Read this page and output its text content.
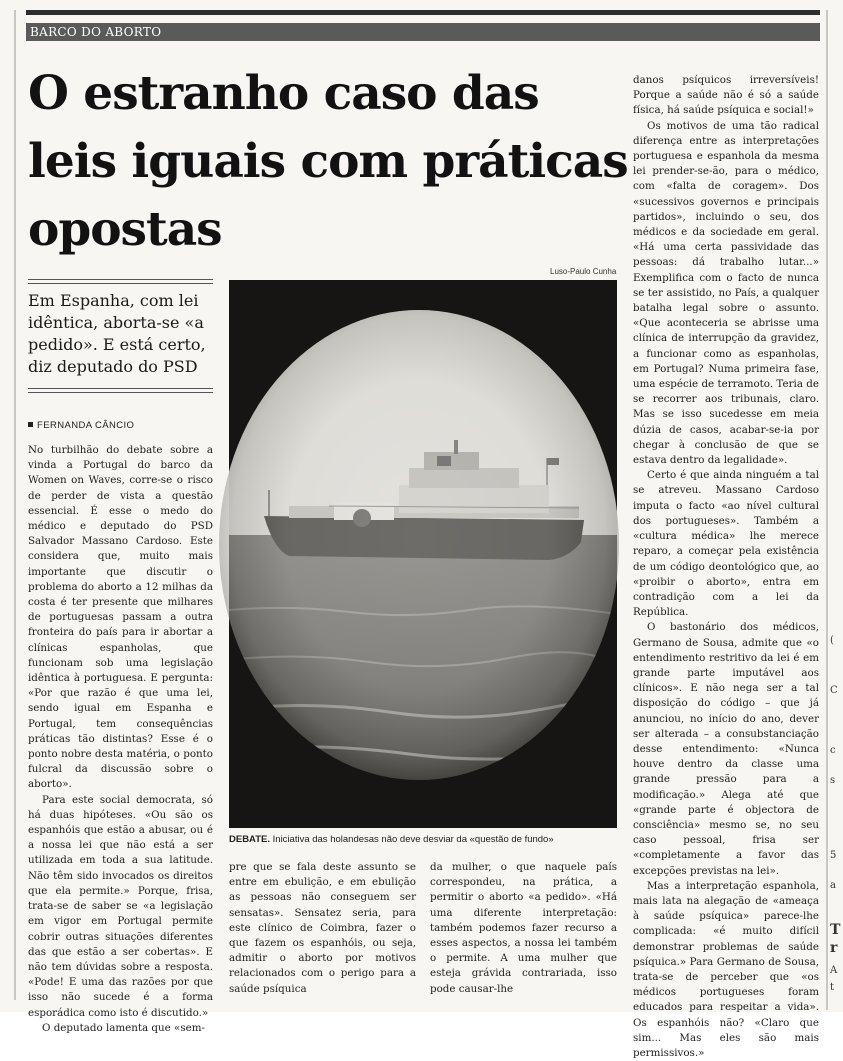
BARCO DO ABORTO
O estranho caso das leis iguais com práticas opostas

Em Espanha, com lei idêntica, aborta-se «a pedido». E está certo, diz deputado do PSD

FERNANDA CÂNCIO

No turbilhão do debate sobre a vinda a Portugal do barco da Women on Waves, corre-se o risco de perder de vista a questão essencial. É esse o medo do médico e deputado do PSD Salvador Massano Cardoso. Este considera que, muito mais importante que discutir o problema do aborto a 12 milhas da costa é ter presente que milhares de portuguesas passam a outra fronteira do país para ir abortar a clínicas espanholas, que funcionam sob uma legislação idêntica à portuguesa. E pergunta: «Por que razão é que uma lei, sendo igual em Espanha e Portugal, tem consequências práticas tão distintas? Esse é o ponto nobre desta matéria, o ponto fulcral da discussão sobre o aborto».

Para este social democrata, só há duas hipóteses. «Ou são os espanhóis que estão a abusar, ou é a nossa lei que não está a ser utilizada em toda a sua latitude. Não têm sido invocados os direitos que ela permite.» Porque, frisa, trata-se de saber se «a legislação em vigor em Portugal permite cobrir outras situações diferentes das que estão a ser cobertas». E não tem dúvidas sobre a resposta. «Pode! E uma das razões por que isso não sucede é a forma esporádica como isto é discutido.»

O deputado lamenta que «sem-

Luso-Paulo Cunha
DEBATE. Iniciativa das holandesas não deve desviar da «questão de fundo»

pre que se fala deste assunto se entre em ebulição, e em ebulição as pessoas não conseguem ser sensatas». Sensatez seria, para este clínico de Coimbra, fazer o que fazem os espanhóis, ou seja, admitir o aborto por motivos relacionados com o perigo para a saúde psíquica

da mulher, o que naquele país correspondeu, na prática, a permitir o aborto «a pedido». «Há uma diferente interpretação: também podemos fazer recurso a esses aspectos, a nossa lei também o permite. A uma mulher que esteja grávida contrariada, isso pode causar-lhe

danos psíquicos irreversíveis! Porque a saúde não é só a saúde física, há saúde psíquica e social!»

Os motivos de uma tão radical diferença entre as interpretações portuguesa e espanhola da mesma lei prender-se-ão, para o médico, com «falta de coragem». Dos «sucessivos governos e principais partidos», incluindo o seu, dos médicos e da sociedade em geral. «Há uma certa passividade das pessoas: dá trabalho lutar...» Exemplifica com o facto de nunca se ter assistido, no País, a qualquer batalha legal sobre o assunto. «Que aconteceria se abrisse uma clínica de interrupção da gravidez, a funcionar como as espanholas, em Portugal? Numa primeira fase, uma espécie de terramoto. Teria de se recorrer aos tribunais, claro. Mas se isso sucedesse em meia dúzia de casos, acabar-se-ia por chegar à conclusão de que se estava dentro da legalidade».

Certo é que ainda ninguém a tal se atreveu. Massano Cardoso imputa o facto «ao nível cultural dos portugueses». Também a «cultura médica» lhe merece reparo, a começar pela existência de um código deontológico que, ao «proibir o aborto», entra em contradição com a lei da República.

O bastonário dos médicos, Germano de Sousa, admite que «o entendimento restritivo da lei é em grande parte imputável aos clínicos». E não nega ser a tal disposição do código – que já anunciou, no início do ano, dever ser alterada – a consubstanciação desse entendimento: «Nunca houve dentro da classe uma grande pressão para a modificação.» Alega até que «grande parte é objectora de consciência» mesmo se, no seu caso pessoal, frisa ser «completamente a favor das excepções previstas na lei».

Mas a interpretação espanhola, mais lata na alegação de «ameaça à saúde psíquica» parece-lhe complicada: «é muito difícil demonstrar problemas de saúde psíquica.» Para Germano de Sousa, trata-se de perceber que «os médicos portugueses foram educados para respeitar a vida». Os espanhóis não? «Claro que sim... Mas eles são mais permissivos.»

(
C
c
s
5
a
T
r
A
t
